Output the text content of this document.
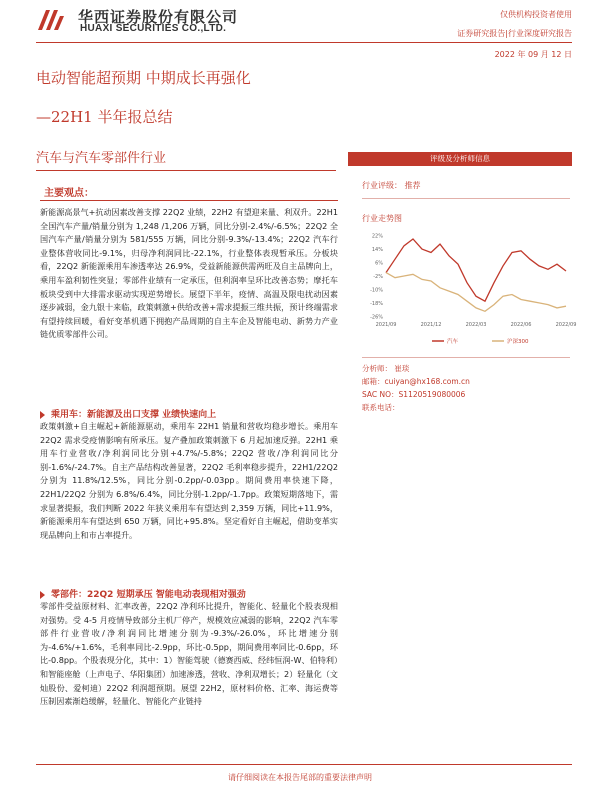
华西证券股份有限公司
HUAXI SECURITIES CO.,LTD.
仅供机构投资者使用
证券研究报告|行业深度研究报告
2022 年 09 月 12 日
电动智能超预期 中期成长再强化
—22H1 半年报总结
汽车与汽车零部件行业	评级及分析师信息
行业评级： 推荐
行业走势图
22%
14%
6%
-2%
-10%
-18%
-26%
2021/09	2021/12	2022/03	2022/06	2022/09
汽车	沪深300
分析师： 崔琰
邮箱：cuiyan@hx168.com.cn
SAC NO：S1120519080006
联系电话：
主要观点：
新能源高景气+抗动因素改善支撑 22Q2 业绩，22H2 有望迎来量、利双升。22H1 全国汽车产量/销量分别为 1,248 /1,206 万辆，同比分别-2.4%/-6.5%；22Q2 全国汽车产量/销量分别为 581/555 万辆，同比分别-9.3%/-13.4%；22Q2 汽车行业整体营收同比-9.1%，归母净利润同比-22.1%，行业整体表现暂承压。分板块看，22Q2 新能源乘用车渗透率达 26.9%，受益新能源供需两旺及自主品牌向上，乘用车盈利韧性突显；零部件业绩有一定承压，但利润率呈环比改善态势；摩托车板块受到中大排需求驱动实现逆势增长。展望下半年，疫情、高温及限电扰动因素逐步减弱，金九银十来临，政策刺激+供给改善+需求提振三维共振，预计终端需求有望持续回暖，看好变革机遇下拥抱产品周期的自主车企及智能电动、新势力产业链优质零部件公司。
乘用车：新能源及出口支撑 业绩快速向上
政策刺激+自主崛起+新能源驱动，乘用车 22H1 销量和营收均稳步增长。乘用车 22Q2 需求受疫情影响有所承压。复产叠加政策刺激下 6 月起加速反弹。22H1 乘用车行业营收/净利润同比分别+4.7%/-5.8%；22Q2 营收/净利润同比分别-1.6%/-24.7%。自主产品结构改善显著，22Q2 毛利率稳步提升，22H1/22Q2 分别为 11.8%/12.5%，同比分别-0.2pp/-0.03pp。期间费用率快速下降，22H1/22Q2 分别为 6.8%/6.4%，同比分别-1.2pp/-1.7pp。政策短期落地下，需求显著提振，我们判断 2022 年狭义乘用车有望达到 2,359 万辆，同比+11.9%，新能源乘用车有望达到 650 万辆，同比+95.8%。坚定看好自主崛起，借助变革实现品牌向上和市占率提升。
零部件：22Q2 短期承压 智能电动表现相对强劲
零部件受益原材料、汇率改善，22Q2 净利环比提升，智能化、轻量化个股表现相对强势。受 4-5 月疫情导致部分主机厂停产，规模效应减弱的影响，22Q2 汽车零部件行业营收/净利润同比增速分别为-9.3%/-26.0%，环比增速分别为-4.6%/+1.6%，毛利率同比-2.9pp，环比-0.5pp，期间费用率同比-0.6pp，环比-0.8pp。个股表现分化，其中：1）智能驾驶（德赛西威、经纬恒润-W、伯特利）和智能座舱（上声电子、华阳集团）加速渗透，营收、净利双增长；2）轻量化（文灿股份、爱柯迪）22Q2 利润超预期。展望 22H2，原材料价格、汇率、海运费等压制因素渐趋缓解，轻量化、智能化产业链持
请仔细阅读在本报告尾部的重要法律声明
